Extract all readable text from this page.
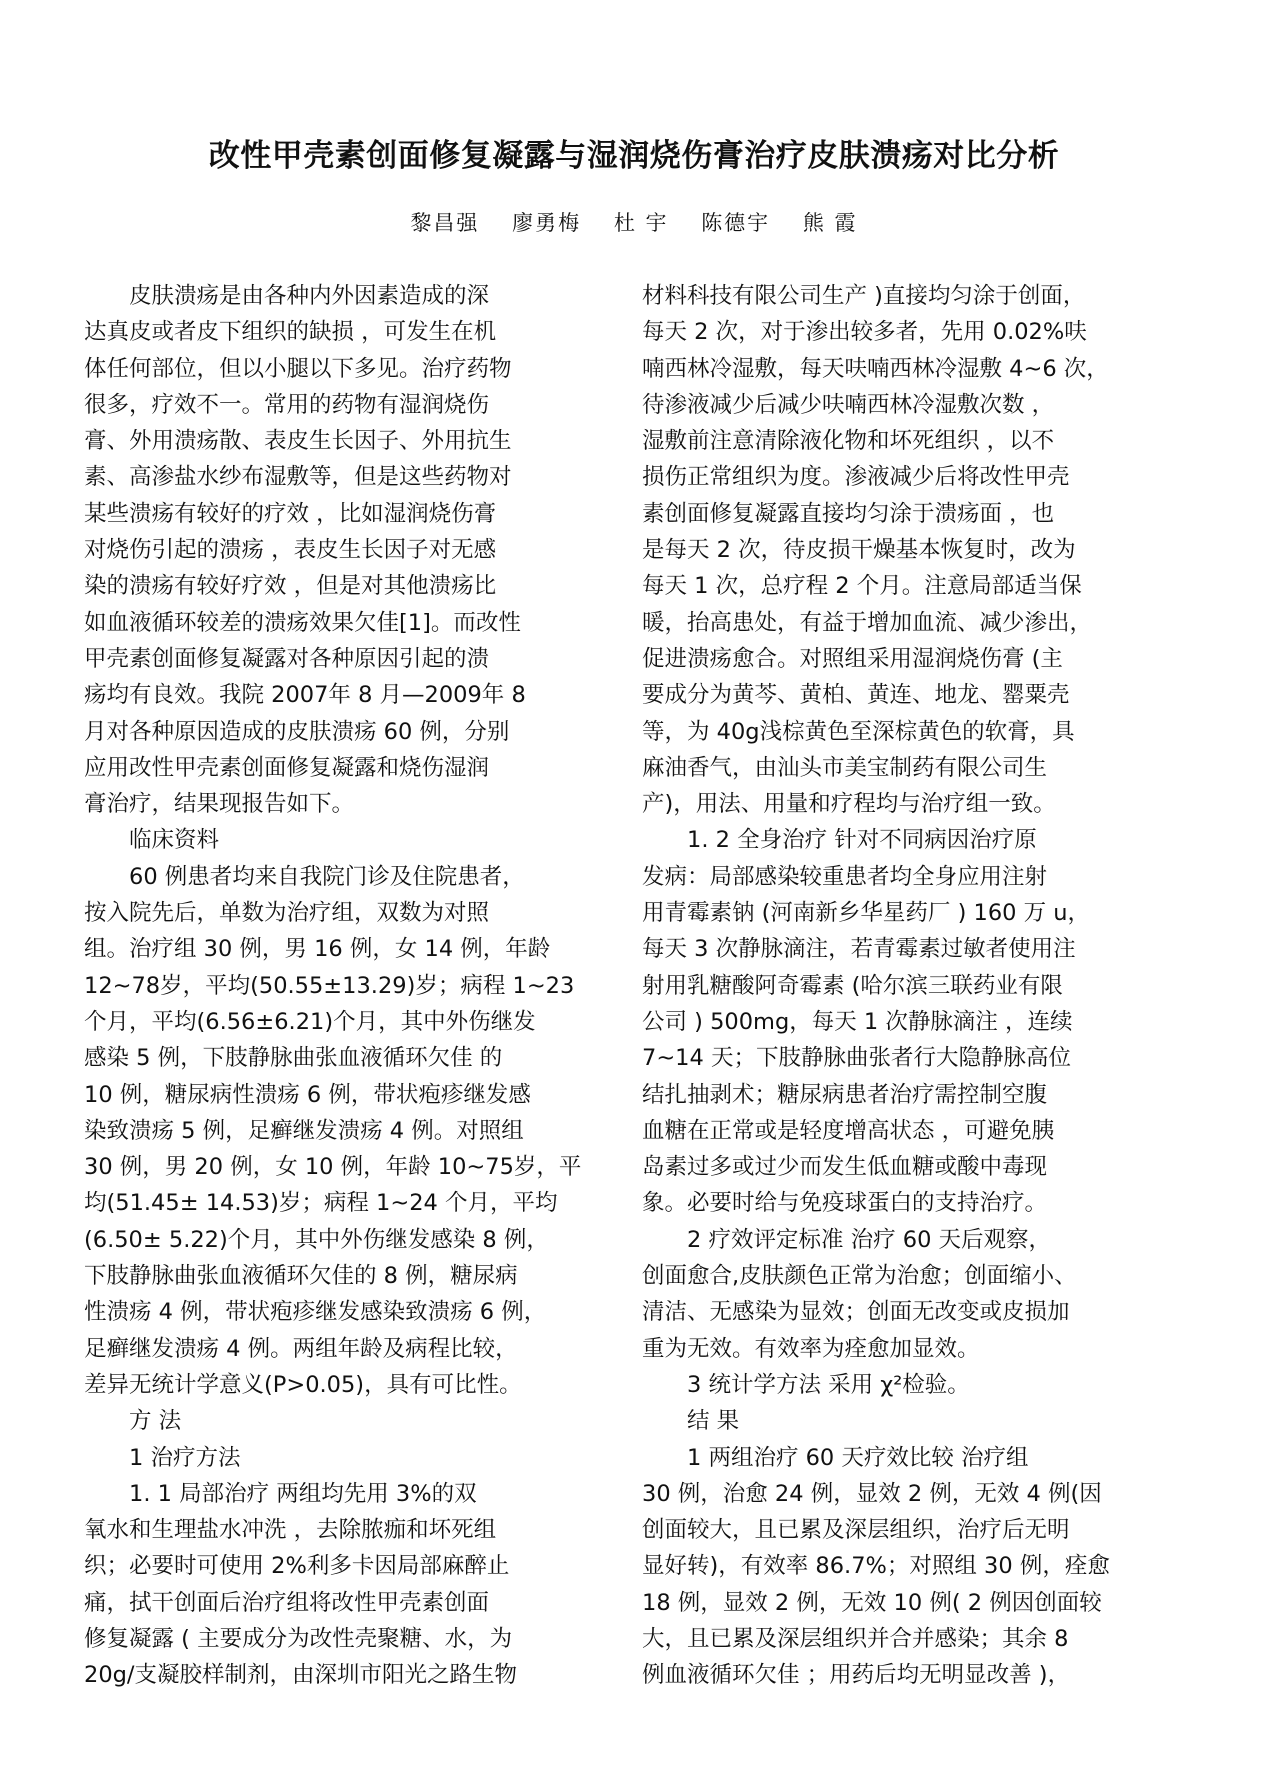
改性甲壳素创面修复凝露与湿润烧伤膏治疗皮肤溃疡对比分析
黎昌强 廖勇梅 杜 宇 陈德宇 熊 霞
　　皮肤溃疡是由各种内外因素造成的深
达真皮或者皮下组织的缺损 ，可发生在机
体任何部位，但以小腿以下多见。治疗药物
很多，疗效不一。常用的药物有湿润烧伤
膏、外用溃疡散、表皮生长因子、外用抗生
素、高渗盐水纱布湿敷等，但是这些药物对
某些溃疡有较好的疗效 ，比如湿润烧伤膏
对烧伤引起的溃疡 ，表皮生长因子对无感
染的溃疡有较好疗效 ，但是对其他溃疡比
如血液循环较差的溃疡效果欠佳[1]。而改性
甲壳素创面修复凝露对各种原因引起的溃
疡均有良效。我院 2007年 8 月—2009年 8
月对各种原因造成的皮肤溃疡 60 例，分别
应用改性甲壳素创面修复凝露和烧伤湿润
膏治疗，结果现报告如下。
　　临床资料
　　60 例患者均来自我院门诊及住院患者，
按入院先后，单数为治疗组，双数为对照
组。治疗组 30 例，男 16 例，女 14 例，年龄
12~78岁，平均(50.55±13.29)岁；病程 1~23
个月，平均(6.56±6.21)个月，其中外伤继发
感染 5 例，下肢静脉曲张血液循环欠佳 的
10 例，糖尿病性溃疡 6 例，带状疱疹继发感
染致溃疡 5 例，足癣继发溃疡 4 例。对照组
30 例，男 20 例，女 10 例，年龄 10~75岁，平
均(51.45± 14.53)岁；病程 1~24 个月，平均
(6.50± 5.22)个月，其中外伤继发感染 8 例，
下肢静脉曲张血液循环欠佳的 8 例，糖尿病
性溃疡 4 例，带状疱疹继发感染致溃疡 6 例，
足癣继发溃疡 4 例。两组年龄及病程比较，
差异无统计学意义(P>0.05)，具有可比性。
　　方 法
　　1 治疗方法
　　1. 1 局部治疗 两组均先用 3%的双
氧水和生理盐水冲洗 ，去除脓痂和坏死组
织；必要时可使用 2%利多卡因局部麻醉止
痛，拭干创面后治疗组将改性甲壳素创面
修复凝露 ( 主要成分为改性壳聚糖、水，为
20g/支凝胶样制剂，由深圳市阳光之路生物
材料科技有限公司生产 )直接均匀涂于创面，
每天 2 次，对于渗出较多者，先用 0.02%呋
喃西林冷湿敷，每天呋喃西林冷湿敷 4~6 次，
待渗液减少后减少呋喃西林冷湿敷次数 ，
湿敷前注意清除液化物和坏死组织 ，以不
损伤正常组织为度。渗液减少后将改性甲壳
素创面修复凝露直接均匀涂于溃疡面 ，也
是每天 2 次，待皮损干燥基本恢复时，改为
每天 1 次，总疗程 2 个月。注意局部适当保
暖，抬高患处，有益于增加血流、减少渗出，
促进溃疡愈合。对照组采用湿润烧伤膏 (主
要成分为黄芩、黄柏、黄连、地龙、罂粟壳
等，为 40g浅棕黄色至深棕黄色的软膏，具
麻油香气，由汕头市美宝制药有限公司生
产)，用法、用量和疗程均与治疗组一致。
　　1. 2 全身治疗 针对不同病因治疗原
发病：局部感染较重患者均全身应用注射
用青霉素钠 (河南新乡华星药厂 ) 160 万 u，
每天 3 次静脉滴注，若青霉素过敏者使用注
射用乳糖酸阿奇霉素 (哈尔滨三联药业有限
公司 ) 500mg，每天 1 次静脉滴注 ，连续
7~14 天；下肢静脉曲张者行大隐静脉高位
结扎抽剥术；糖尿病患者治疗需控制空腹
血糖在正常或是轻度增高状态 ，可避免胰
岛素过多或过少而发生低血糖或酸中毒现
象。必要时给与免疫球蛋白的支持治疗。
　　2 疗效评定标准 治疗 60 天后观察，
创面愈合,皮肤颜色正常为治愈；创面缩小、
清洁、无感染为显效；创面无改变或皮损加
重为无效。有效率为痊愈加显效。
　　3 统计学方法 采用 χ²检验。
　　结 果
　　1 两组治疗 60 天疗效比较 治疗组
30 例，治愈 24 例，显效 2 例，无效 4 例(因
创面较大，且已累及深层组织，治疗后无明
显好转)，有效率 86.7%；对照组 30 例，痊愈
18 例，显效 2 例，无效 10 例( 2 例因创面较
大，且已累及深层组织并合并感染；其余 8
例血液循环欠佳 ；用药后均无明显改善 )，
